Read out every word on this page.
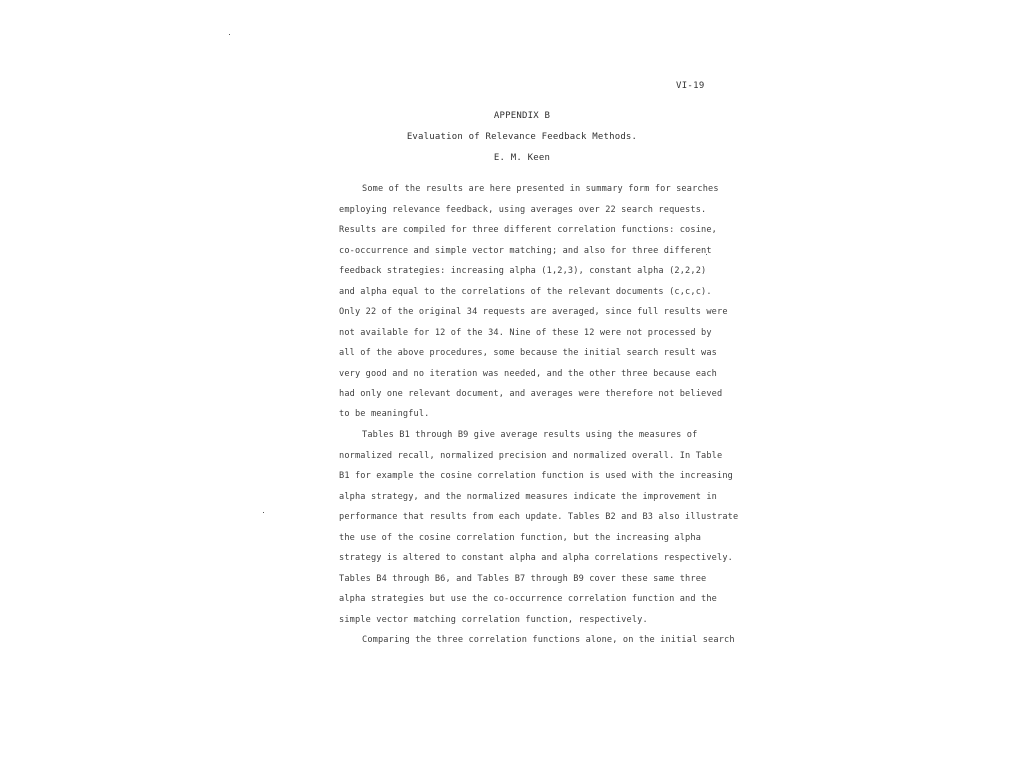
VI-19
APPENDIX B
Evaluation of Relevance Feedback Methods.
E. M. Keen
Some of the results are here presented in summary form for searches
employing relevance feedback, using averages over 22 search requests.
Results are compiled for three different correlation functions: cosine,
co-occurrence and simple vector matching; and also for three different
feedback strategies: increasing alpha (1,2,3), constant alpha (2,2,2)
and alpha equal to the correlations of the relevant documents (c,c,c).
Only 22 of the original 34 requests are averaged, since full results were
not available for 12 of the 34. Nine of these 12 were not processed by
all of the above procedures, some because the initial search result was
very good and no iteration was needed, and the other three because each
had only one relevant document, and averages were therefore not believed
to be meaningful.
Tables B1 through B9 give average results using the measures of
normalized recall, normalized precision and normalized overall. In Table
B1 for example the cosine correlation function is used with the increasing
alpha strategy, and the normalized measures indicate the improvement in
performance that results from each update. Tables B2 and B3 also illustrate
the use of the cosine correlation function, but the increasing alpha
strategy is altered to constant alpha and alpha correlations respectively.
Tables B4 through B6, and Tables B7 through B9 cover these same three
alpha strategies but use the co-occurrence correlation function and the
simple vector matching correlation function, respectively.
Comparing the three correlation functions alone, on the initial search
